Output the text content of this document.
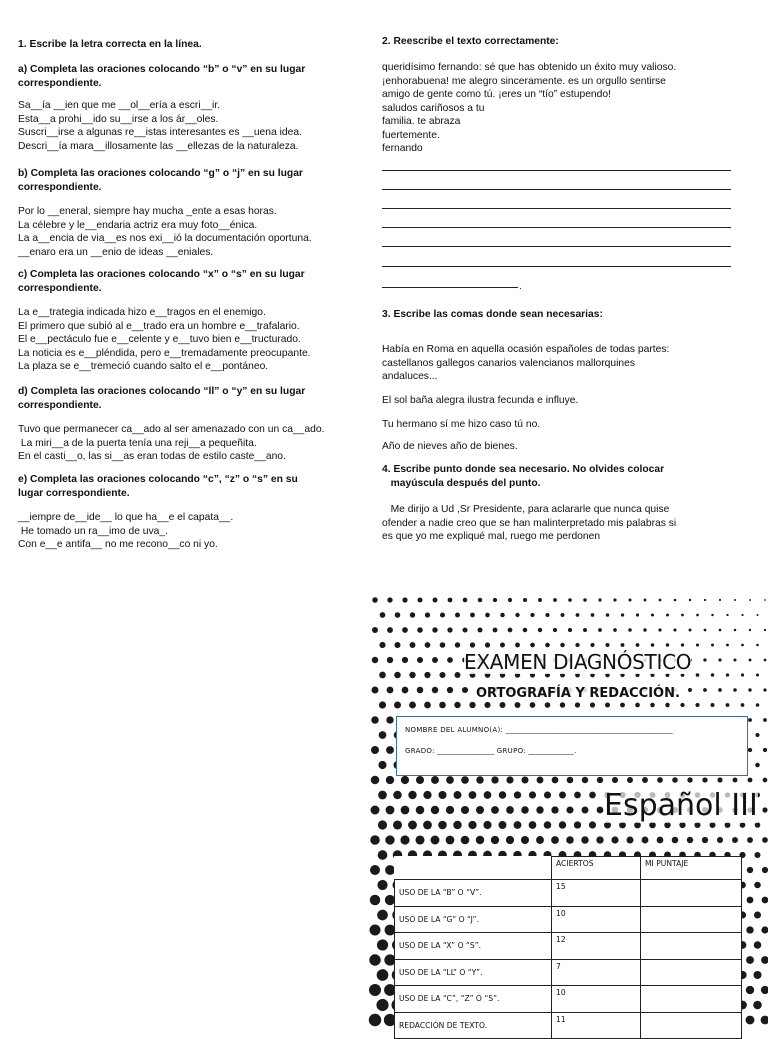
1. Escribe la letra correcta en la línea.
a) Completa las oraciones colocando “b” o “v” en su lugar correspondiente.
Sa__ía __ien que me __ol__ería a escri__ir.
Esta__a prohi__ido su__irse a los ár__oles.
Suscri__irse a algunas re__istas interesantes es __uena idea.
Descri__ía mara__illosamente las __ellezas de la naturaleza.
b) Completa las oraciones colocando “g” o “j” en su lugar correspondiente.
Por lo __eneral, siempre hay mucha _ente a esas horas.
La célebre y le__endaria actriz era muy foto__énica.
La a__encia de via__es nos exi__ió la documentación oportuna.
__enaro era un __enio de ideas __eniales.
c) Completa las oraciones colocando “x” o “s” en su lugar correspondiente.
La e__trategia indicada hizo e__tragos en el enemigo.
El primero que subió al e__trado era un hombre e__trafalario.
El e__pectáculo fue e__celente y e__tuvo bien e__tructurado.
La noticia es e__pléndida, pero e__tremadamente preocupante.
La plaza se e__tremeció cuando salto el e__pontáneo.
d) Completa las oraciones colocando “ll” o “y” en su lugar correspondiente.
Tuvo que permanecer ca__ado al ser amenazado con un ca__ado.
La miri__a de la puerta tenía una reji__a pequeñita.
En el casti__o, las si__as eran todas de estilo caste__ano.
e) Completa las oraciones colocando “c”, “z” o “s” en su lugar correspondiente.
__iempre de__ide__ lo que ha__e el capata__.
He tomado un ra__imo de uva_.
Con e__e antifa__ no me recono__co ni yo.
2. Reescribe el texto correctamente:
queridísimo fernando: sé que has obtenido un éxito muy valioso.
¡enhorabuena! me alegro sinceramente. es un orgullo sentirse
amigo de gente como tú. ¡eres un “tío” estupendo!
saludos cariñosos a tu
familia. te abraza
fuertemente.
fernando
.
3. Escribe las comas donde sean necesarias:
Había en Roma en aquella ocasión españoles de todas partes:
castellanos gallegos canarios valencianos mallorquines
andaluces...
El sol baña alegra ilustra fecunda e influye.
Tu hermano sí me hizo caso tú no.
Año de nieves año de bienes.
4. Escribe punto donde sea necesario. No olvides colocar
mayúscula después del punto.
Me dirijo a Ud ,Sr Presidente, para aclararle que nunca quise
ofender a nadie creo que se han malinterpretado mis palabras si
es que yo me expliqué mal, ruego me perdonen
EXAMEN DIAGNÓSTICO
ORTOGRAFÍA Y REDACCIÓN.
NOMBRE DEL ALUMNO(A): ____________________________________________
GRADO: _______________ GRUPO: ____________.
Español III
	ACIERTOS	MI PUNTAJE
USO DE LA “B” O “V”.	15	
USO DE LA “G” O “J”.	10	
USO DE LA “X” O “S”.	12	
USO DE LA “LL” O “Y”.	7	
USO DE LA “C”, “Z” O “S”.	10	
REDACCIÓN DE TEXTO.	11	
